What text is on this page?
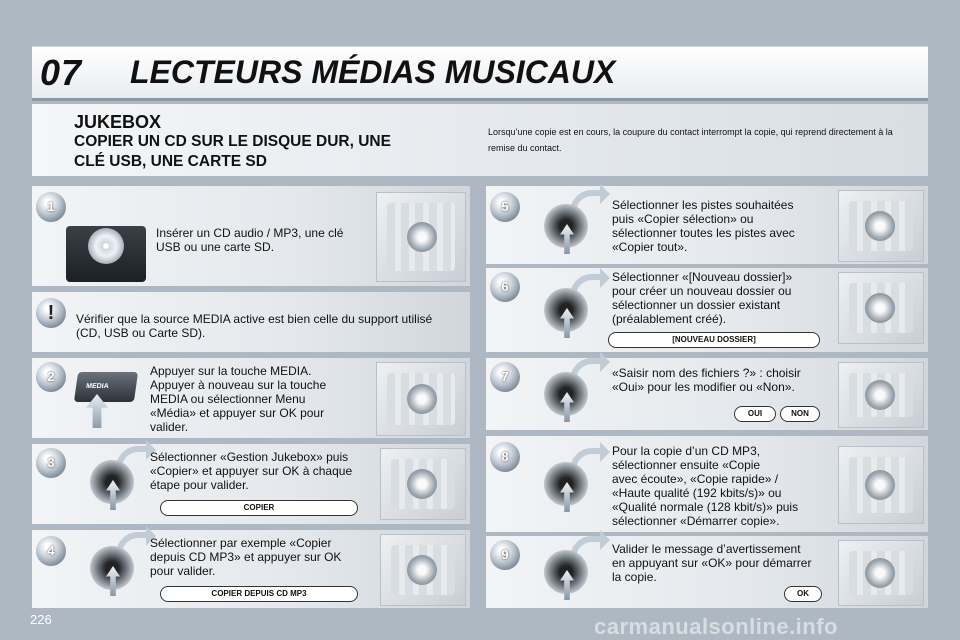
07 LECTEURS MÉDIAS MUSICAUX
JUKEBOX
COPIER UN CD SUR LE DISQUE DUR, UNE
CLÉ USB, UNE CARTE SD
Lorsqu’une copie est en cours, la coupure du contact interrompt la copie, qui reprend directement à la remise du contact.
1
!
2
3
4
5
6
7
8
9
Insérer un CD audio / MP3, une clé
USB ou une carte SD.
Vérifier que la source MEDIA active est bien celle du support utilisé
(CD, USB ou Carte SD).
MEDIA
Appuyer sur la touche MEDIA.
Appuyer à nouveau sur la touche
MEDIA ou sélectionner Menu
«Média» et appuyer sur OK pour
valider.
Sélectionner «Gestion Jukebox» puis
«Copier» et appuyer sur OK à chaque
étape pour valider.
COPIER
Sélectionner par exemple «Copier
depuis CD MP3» et appuyer sur OK
pour valider.
COPIER DEPUIS CD MP3
Sélectionner les pistes souhaitées
puis «Copier sélection» ou
sélectionner toutes les pistes avec
«Copier tout».
Sélectionner «[Nouveau dossier]»
pour créer un nouveau dossier ou
sélectionner un dossier existant
(préalablement créé).
[NOUVEAU DOSSIER]
«Saisir nom des fichiers ?» : choisir
«Oui» pour les modifier ou «Non».
OUI	NON
Pour la copie d’un CD MP3,
sélectionner ensuite «Copie
avec écoute», «Copie rapide» /
«Haute qualité (192 kbits/s)» ou
«Qualité normale (128 kbit/s)» puis
sélectionner «Démarrer copie».
Valider le message d’avertissement
en appuyant sur «OK» pour démarrer
la copie.
OK
226	carmanualsonline.info
